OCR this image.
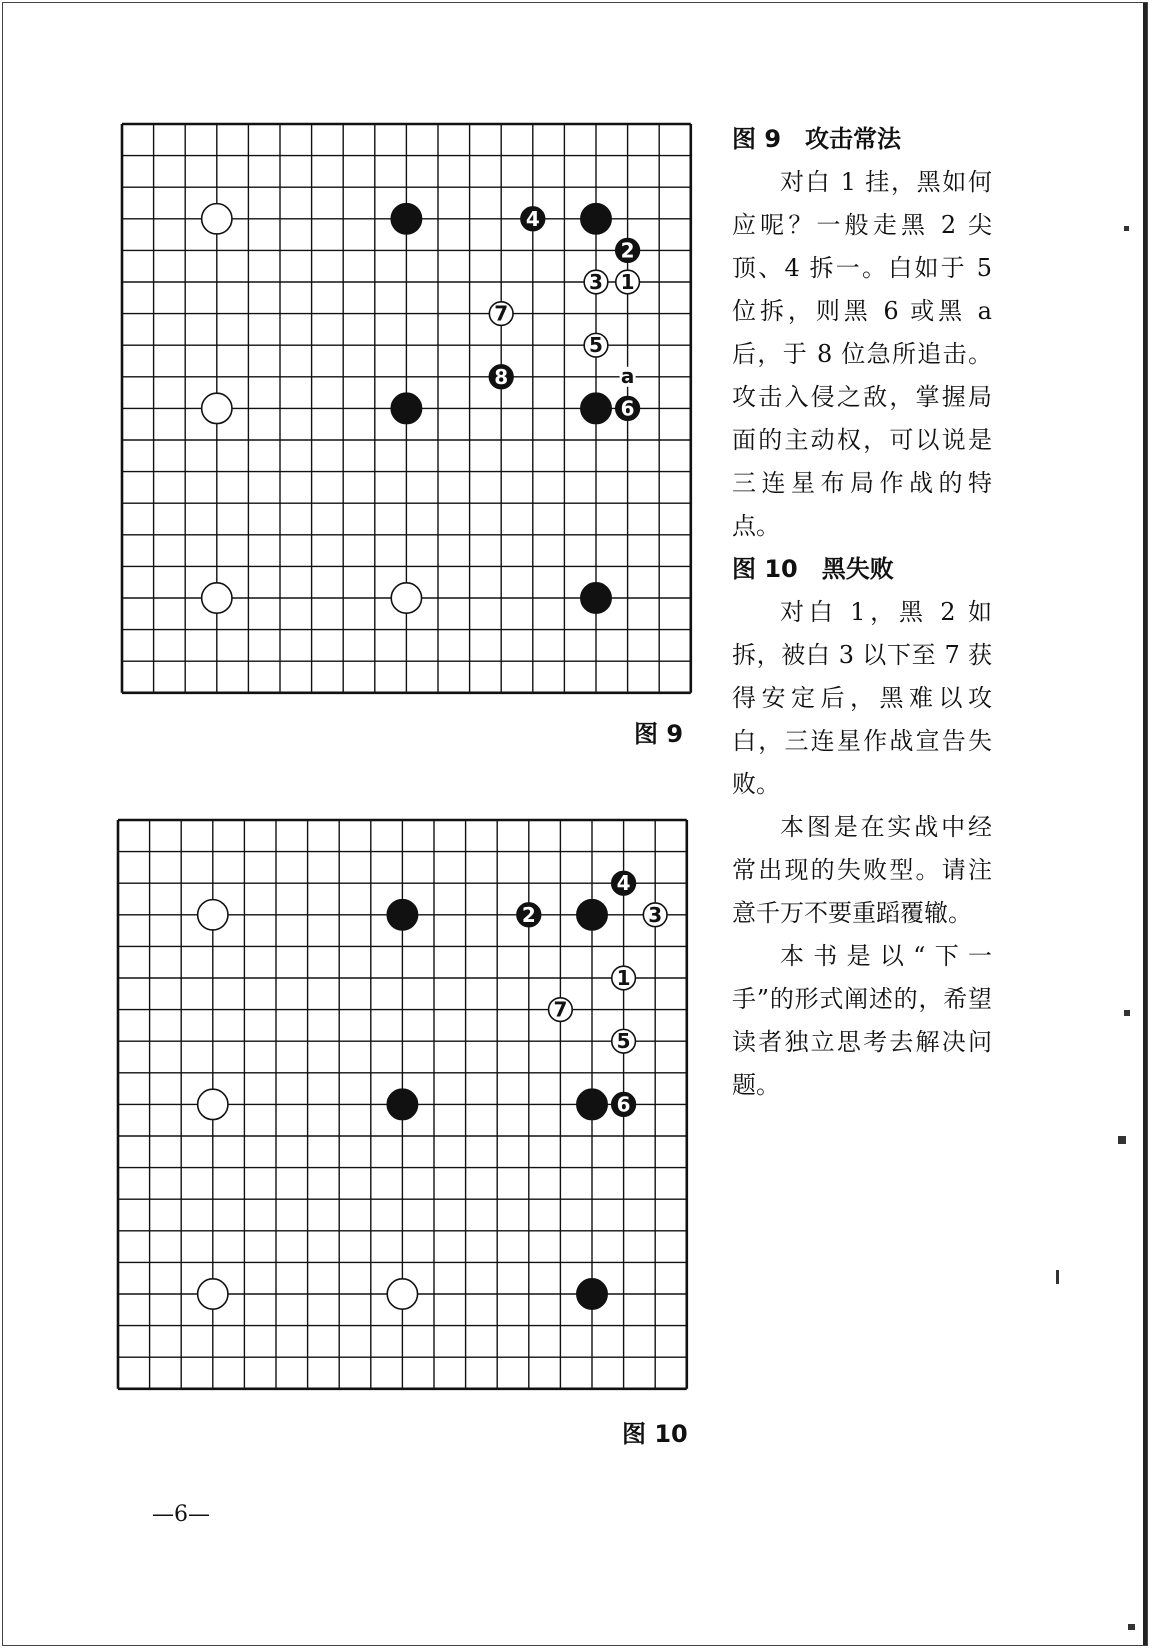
1
2
3
4
5
6
7
8	a
图 9
1
2	3
4
5
6
7
图 10
图 9　攻击常法

对白 1 挂，黑如何应呢？一般走黑 2 尖顶、4 拆一。白如于 5 位拆，则黑 6 或黑 a 后，于 8 位急所追击。攻击入侵之敌，掌握局面的主动权，可以说是三连星布局作战的特点。

图 10　黑失败

对白 1，黑 2 如拆，被白 3 以下至 7 获得安定后，黑难以攻白，三连星作战宣告失败。

本图是在实战中经常出现的失败型。请注意千万不要重蹈覆辙。

本书是以“下一手”的形式阐述的，希望读者独立思考去解决问题。

—6—
